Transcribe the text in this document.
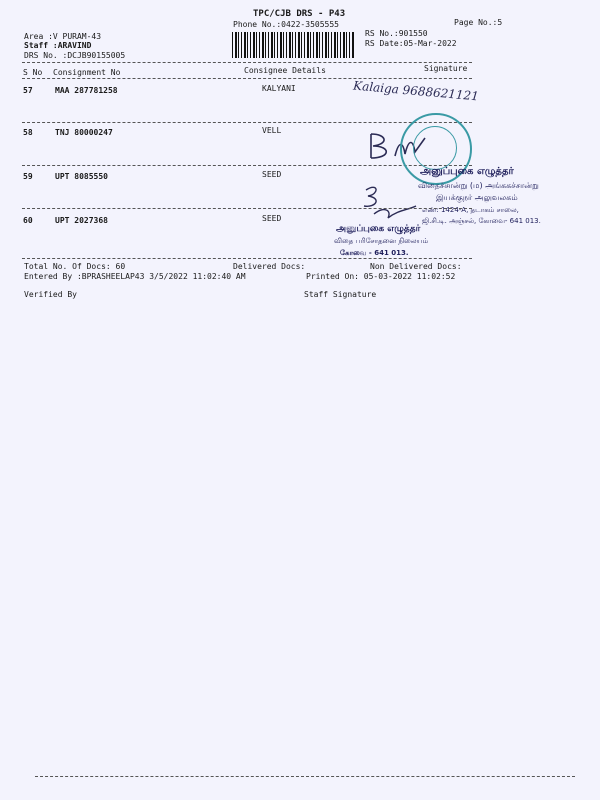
TPC/CJB DRS - P43
Phone No.:0422-3505555	Page No.:5
Area :V PURAM-43
Staff :ARAVIND
DRS No. :DCJB90155005
RS No.:901550
RS Date:05-Mar-2022
S No Consignment No	Consignee Details	Signature
57	MAA 287781258	KALYANI	Kalaiga 9688621121
58	TNJ 80000247	VELL
59	UPT 8085550	SEED
60	UPT 2027368	SEED
அனுப்புகை எழுத்தர்
விதைச்சான்று (ம) அங்ககச்சான்று
இயக்குநர் அலுவலகம்
எண்: 1424-A, தடாகம் சாலை,
ஜி.சி.டி. அஞ்சல், கோவை- 641 013.
அனுப்புகை எழுத்தர்
விதை பரிசோதனை நிலையம்
கோவை - 641 013.
Total No. Of Docs: 60	Delivered Docs:	Non Delivered Docs:
Entered By :BPRASHEELAP43 3/5/2022 11:02:40 AM	Printed On: 05-03-2022 11:02:52
Verified By	Staff Signature
